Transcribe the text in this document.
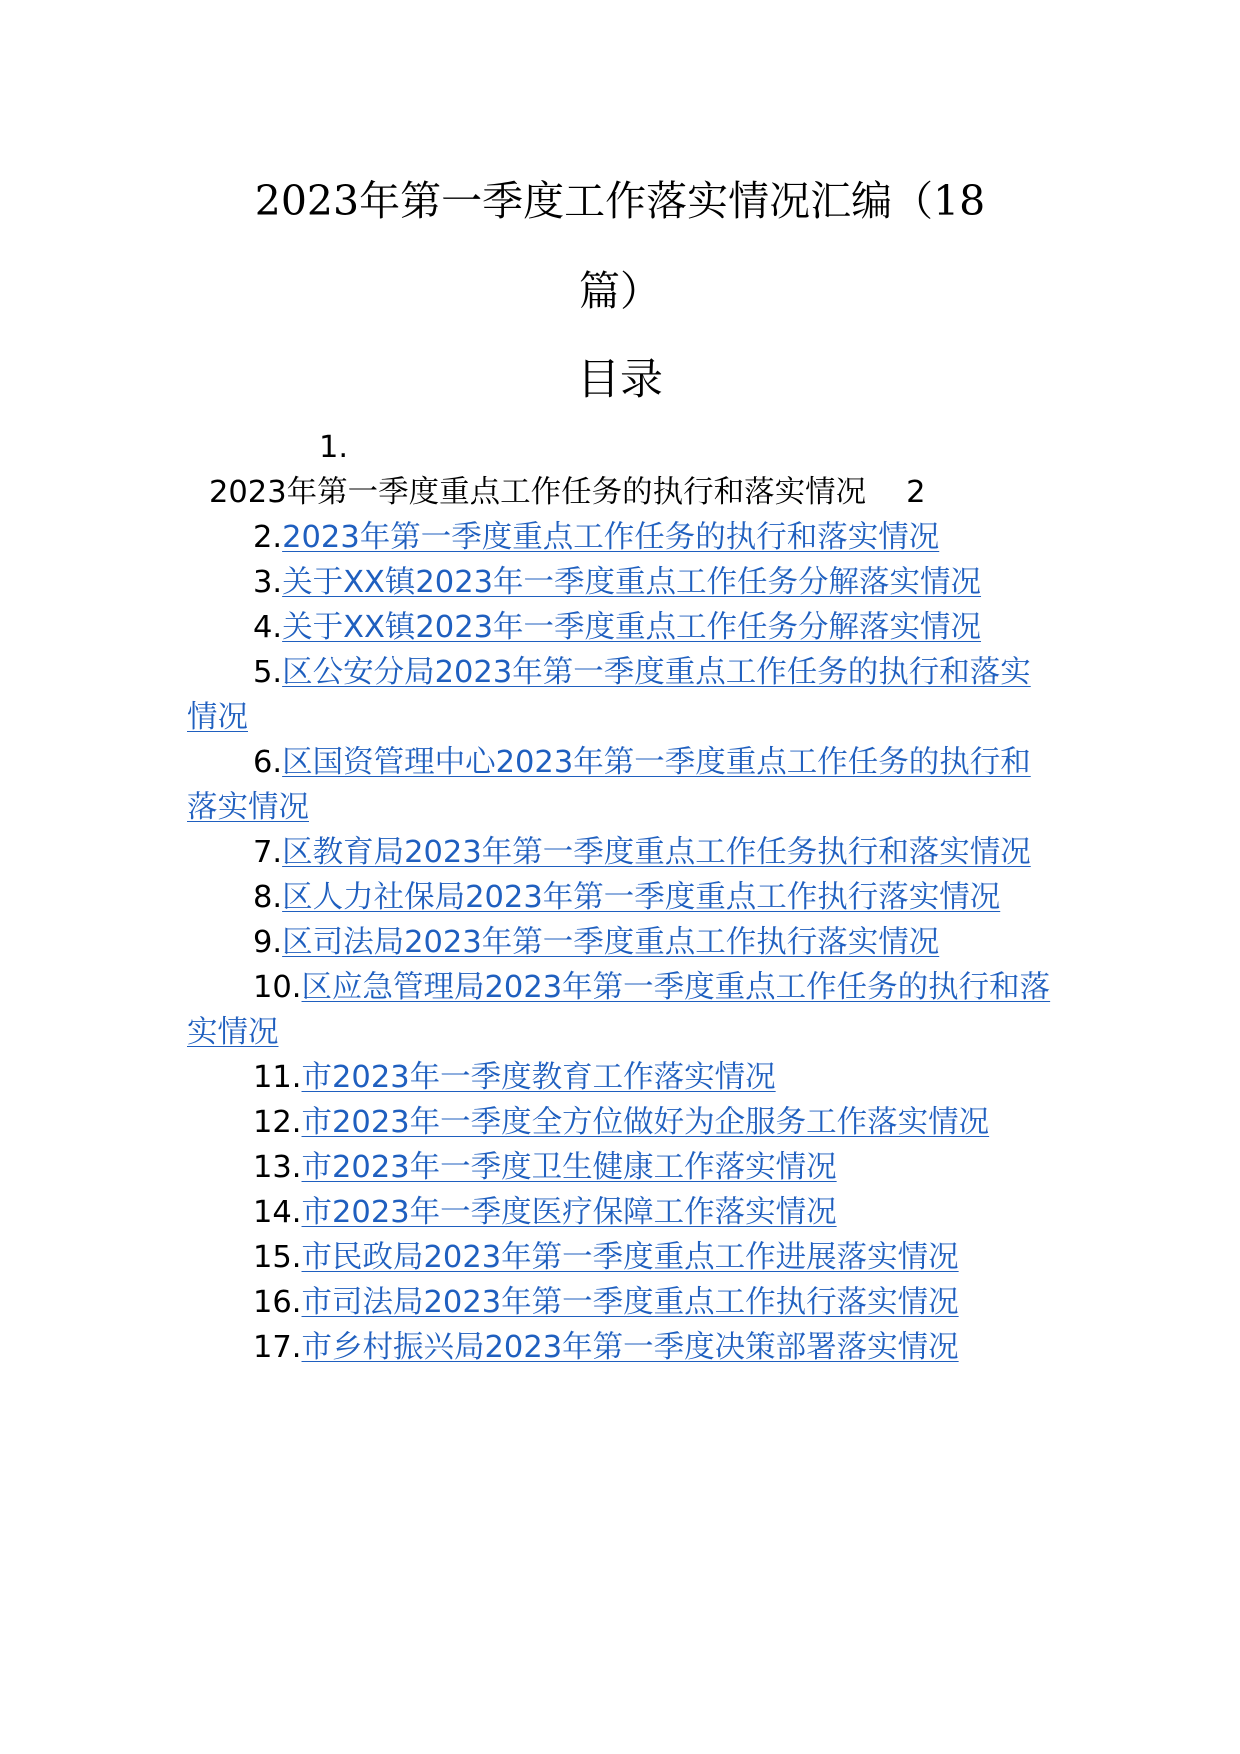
2023年第一季度工作落实情况汇编（18
篇）
目录

1.
2023年第一季度重点工作任务的执行和落实情况 2

2.2023年第一季度重点工作任务的执行和落实情况

3.关于XX镇2023年一季度重点工作任务分解落实情况

4.关于XX镇2023年一季度重点工作任务分解落实情况

5.区公安分局2023年第一季度重点工作任务的执行和落实情况

6.区国资管理中心2023年第一季度重点工作任务的执行和落实情况

7.区教育局2023年第一季度重点工作任务执行和落实情况

8.区人力社保局2023年第一季度重点工作执行落实情况

9.区司法局2023年第一季度重点工作执行落实情况

10.区应急管理局2023年第一季度重点工作任务的执行和落实情况

11.市2023年一季度教育工作落实情况

12.市2023年一季度全方位做好为企服务工作落实情况

13.市2023年一季度卫生健康工作落实情况

14.市2023年一季度医疗保障工作落实情况

15.市民政局2023年第一季度重点工作进展落实情况

16.市司法局2023年第一季度重点工作执行落实情况

17.市乡村振兴局2023年第一季度决策部署落实情况
